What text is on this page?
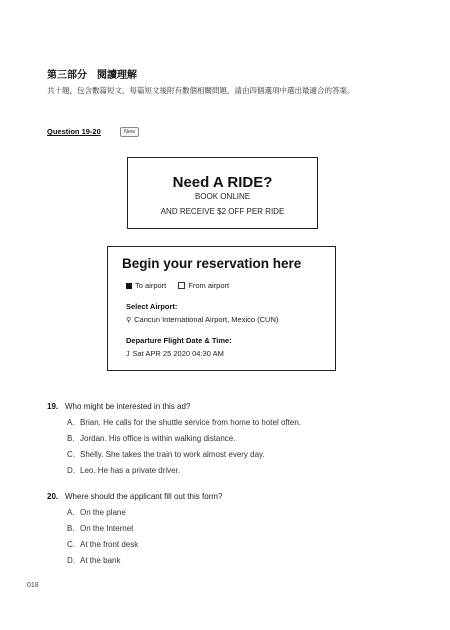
第三部分　閱讀理解
共十題，包含數篇短文，每篇短文後附有數個相關問題，請由四個選項中選出最適合的答案。
Question 19-20	New
Need A RIDE?
BOOK ONLINE
AND RECEIVE $2 OFF PER RIDE
Begin your reservation here
To airport	From airport
Select Airport:
⚲ Cancun International Airport, Mexico (CUN)
Departure Flight Date & Time:
J Sat APR 25 2020 04:30 AM
19. Who might be interested in this ad?
A. Brian. He calls for the shuttle service from home to hotel often.
B. Jordan. His office is within walking distance.
C. Shelly. She takes the train to work almost every day.
D. Leo. He has a private driver.
20. Where should the applicant fill out this form?
A. On the plane
B. On the Internet
C. At the front desk
D. At the bank
018
